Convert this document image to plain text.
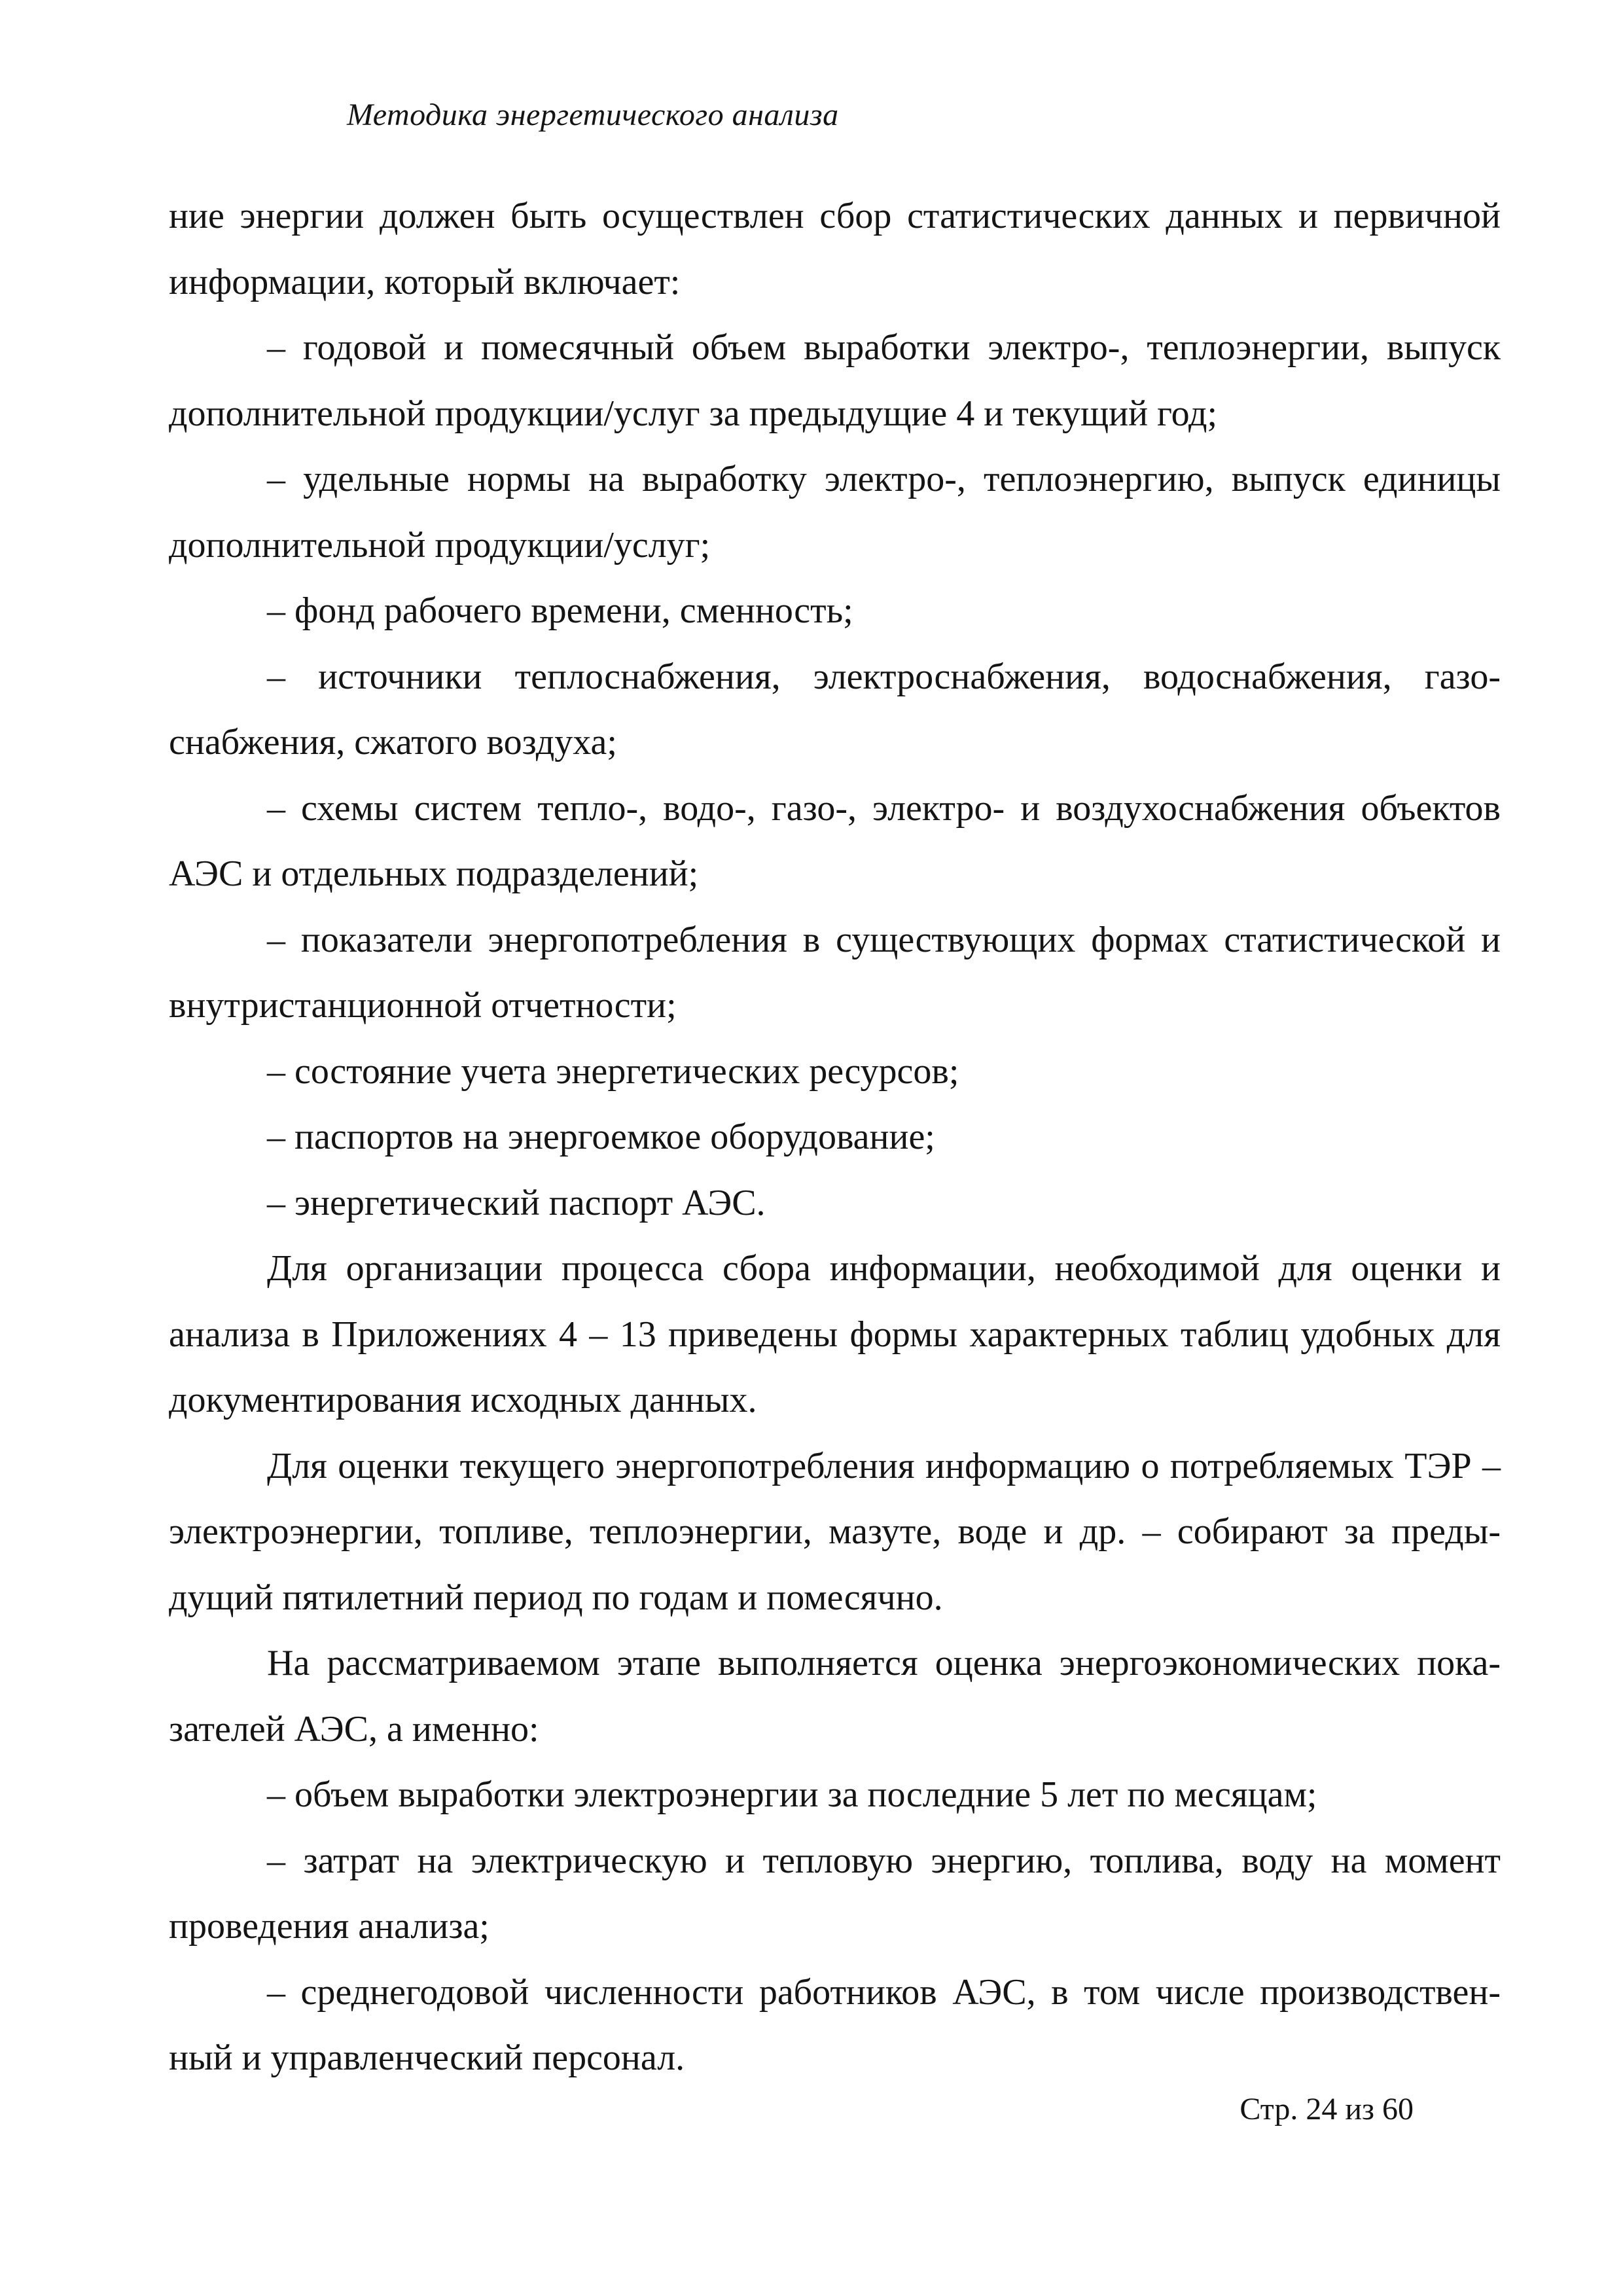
Методика энергетического анализа

ние энергии должен быть осуществлен сбор статистических данных и первичной информации, который включает:

– годовой и помесячный объем выработки электро-, теплоэнергии, выпуск дополнительной продукции/услуг за предыдущие 4 и текущий год;

– удельные нормы на выработку электро-, теплоэнергию, выпуск единицы дополнительной продукции/услуг;

– фонд рабочего времени, сменность;

– источники теплоснабжения, электроснабжения, водоснабжения, газо-снабжения, сжатого воздуха;

– схемы систем тепло-, водо-, газо-, электро- и воздухоснабжения объектов АЭС и отдельных подразделений;

– показатели энергопотребления в существующих формах статистической и внутристанционной отчетности;

– состояние учета энергетических ресурсов;

– паспортов на энергоемкое оборудование;

– энергетический паспорт АЭС.

Для организации процесса сбора информации, необходимой для оценки и анализа в Приложениях 4 – 13 приведены формы характерных таблиц удобных для документирования исходных данных.

Для оценки текущего энергопотребления информацию о потребляемых ТЭР – электроэнергии, топливе, теплоэнергии, мазуте, воде и др. – собирают за преды-дущий пятилетний период по годам и помесячно.

На рассматриваемом этапе выполняется оценка энергоэкономических пока-зателей АЭС, а именно:

– объем выработки электроэнергии за последние 5 лет по месяцам;

– затрат на электрическую и тепловую энергию, топлива, воду на момент проведения анализа;

– среднегодовой численности работников АЭС, в том числе производствен-ный и управленческий персонал.

Стр. 24 из 60
